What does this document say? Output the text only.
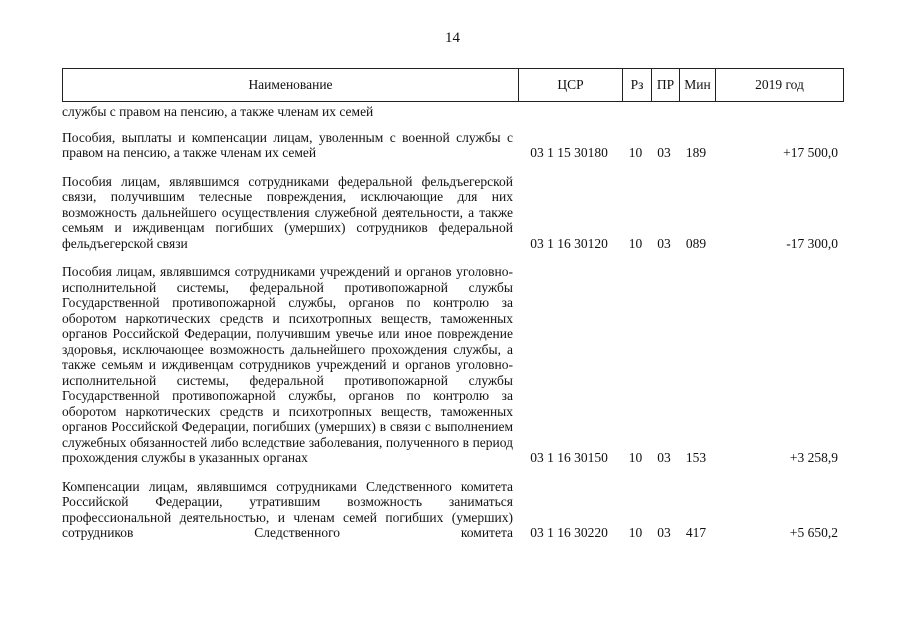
14
Наименование	ЦСР	Рз ПР Мин	2019 год
службы с правом на пенсию, а также членам их семей
Пособия, выплаты и компенсации лицам, уволенным с военной службы с правом на пенсию, а также членам их семей	03 1 15 30180	10	03	189	+17 500,0
Пособия лицам, являвшимся сотрудниками федеральной фельдъегерской связи, получившим телесные повреждения, исключающие для них возможность дальнейшего осуществления служебной деятельности, а также семьям и иждивенцам погибших (умерших) сотрудников федеральной фельдъегерской связи	03 1 16 30120	10	03	089	-17 300,0
Пособия лицам, являвшимся сотрудниками учреждений и органов уголовно-исполнительной системы, федеральной противопожарной службы Государственной противопожарной службы, органов по контролю за оборотом наркотических средств и психотропных веществ, таможенных органов Российской Федерации, получившим увечье или иное повреждение здоровья, исключающее возможность дальнейшего прохождения службы, а также семьям и иждивенцам сотрудников учреждений и органов уголовно-исполнительной системы, федеральной противопожарной службы Государственной противопожарной службы, органов по контролю за оборотом наркотических средств и психотропных веществ, таможенных органов Российской Федерации, погибших (умерших) в связи с выполнением служебных обязанностей либо вследствие заболевания, полученного в период прохождения службы в указанных органах	03 1 16 30150	10	03	153	+3 258,9
Компенсации лицам, являвшимся сотрудниками Следственного комитета Российской Федерации, утратившим возможность заниматься профессиональной деятельностью, и членам семей погибших (умерших) сотрудников Следственного комитета	03 1 16 30220	10	03	417	+5 650,2
